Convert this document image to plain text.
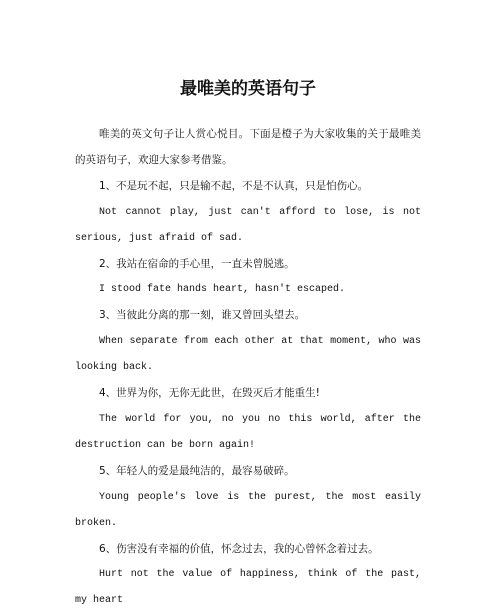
最唯美的英语句子

唯美的英文句子让人赏心悦目。下面是橙子为大家收集的关于最唯美的英语句子，欢迎大家参考借鉴。

1、不是玩不起，只是输不起，不是不认真，只是怕伤心。

Not cannot play, just can't afford to lose, is not serious, just afraid of sad.

2、我站在宿命的手心里，一直未曾脱逃。

I stood fate hands heart, hasn't escaped.

3、当彼此分离的那一刻，谁又曾回头望去。

When separate from each other at that moment, who was looking back.

4、世界为你，无你无此世，在毁灭后才能重生!

The world for you, no you no this world, after the destruction can be born again!

5、年轻人的爱是最纯洁的，最容易破碎。

Young people's love is the purest, the most easily broken.

6、伤害没有幸福的价值，怀念过去，我的心曾怀念着过去。

Hurt not the value of happiness, think of the past, my heart
